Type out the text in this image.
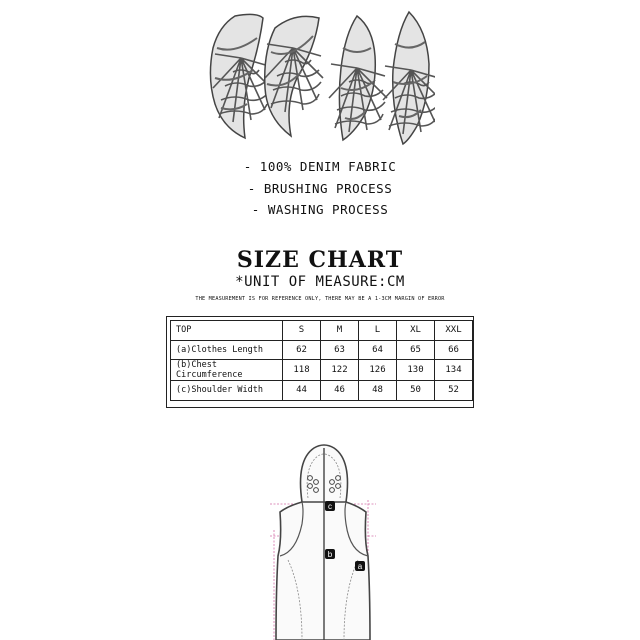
- 100% DENIM FABRIC
- BRUSHING PROCESS
- WASHING PROCESS
SIZE CHART
*UNIT OF MEASURE:CM
THE MEASUREMENT IS FOR REFERENCE ONLY, THERE MAY BE A 1-3CM MARGIN OF ERROR
TOP	S	M	L	XL	XXL
(a)Clothes Length	62	63	64	65	66
(b)Chest Circumference	118	122	126	130	134
(c)Shoulder Width	44	46	48	50	52
c
b
a
